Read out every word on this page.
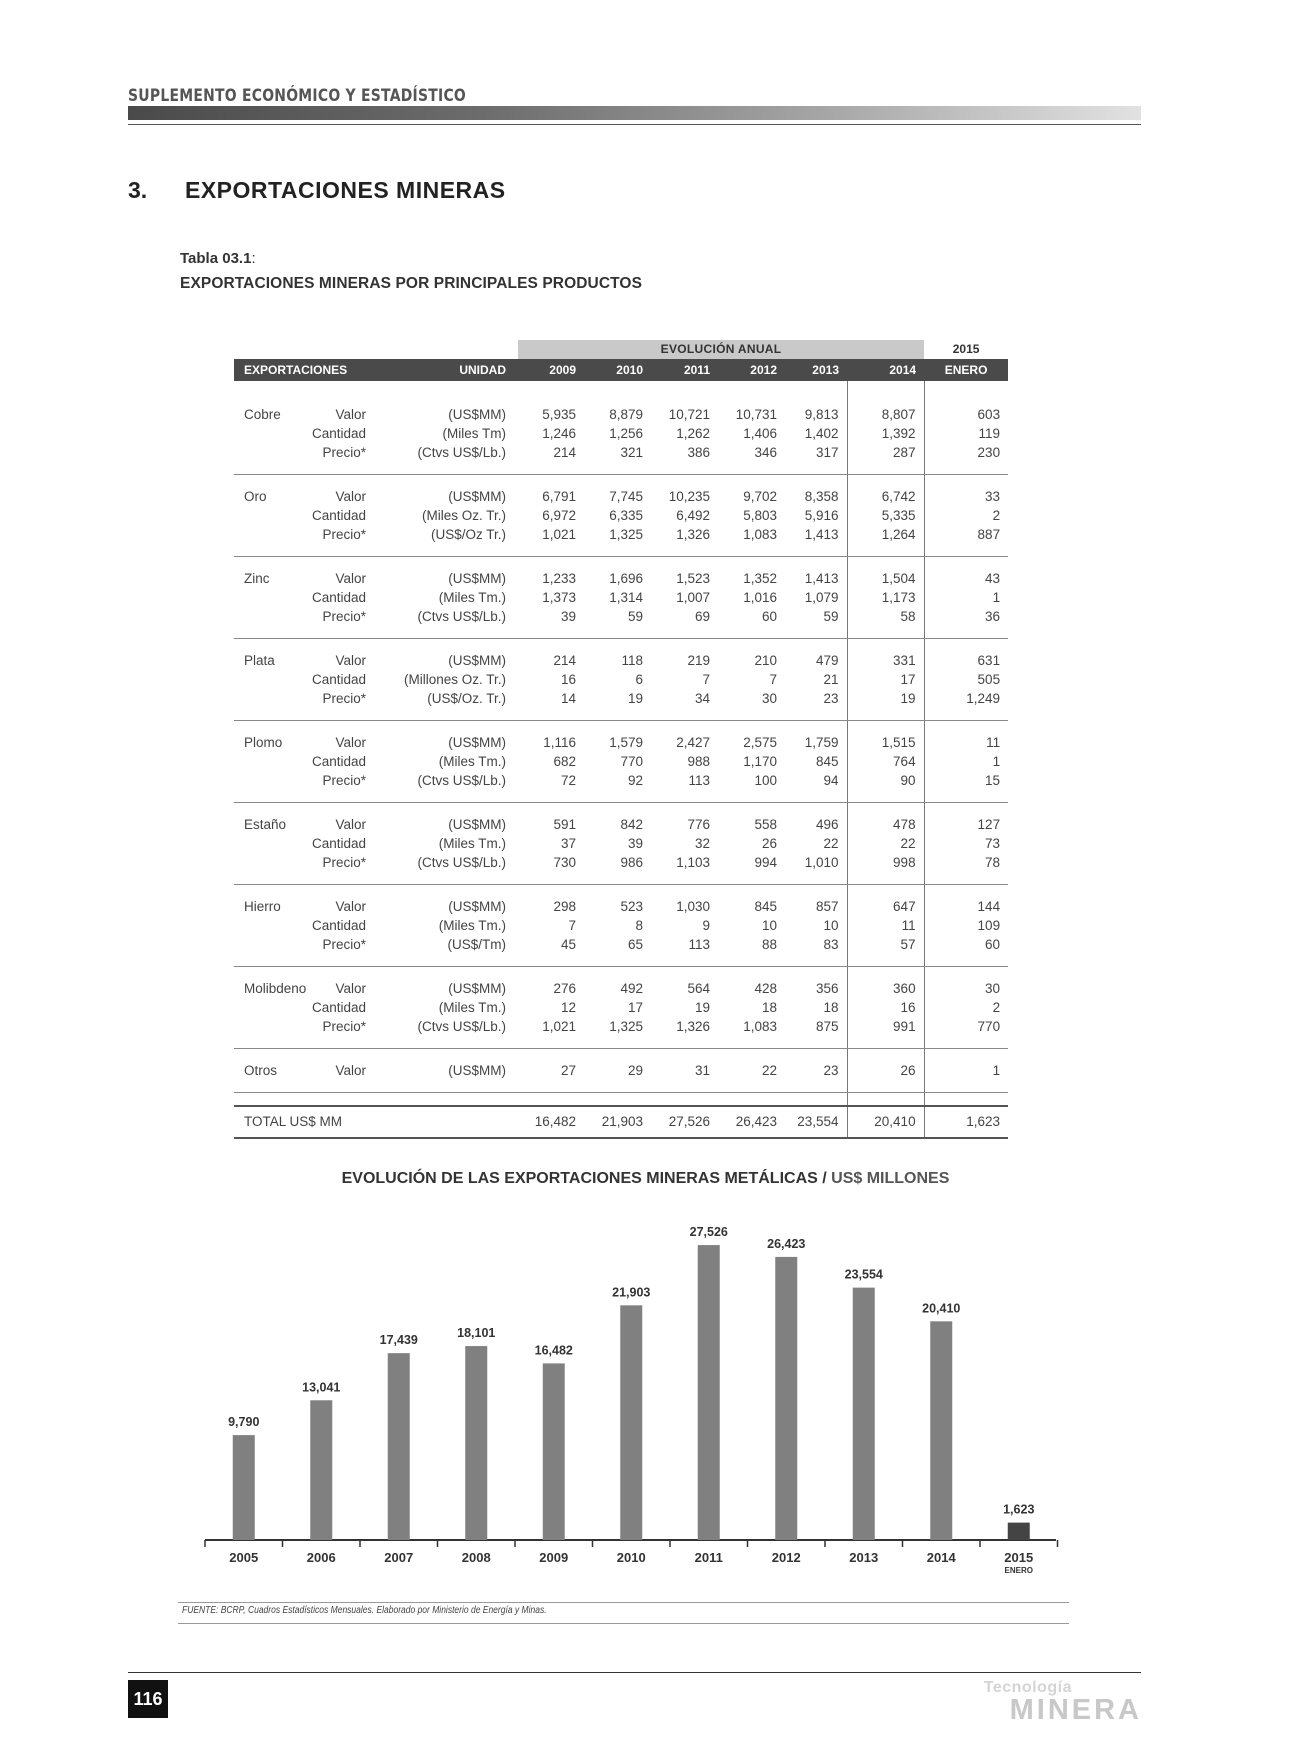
SUPLEMENTO ECONÓMICO Y ESTADÍSTICO
3. EXPORTACIONES MINERAS
Tabla 03.1:
EXPORTACIONES MINERAS POR PRINCIPALES PRODUCTOS
			EVOLUCIÓN ANUAL						2015
EXPORTACIONES		UNIDAD	2009	2010	2011	2012	2013	2014	ENERO

Cobre	Valor	(US$MM)	5,935	8,879	10,721	10,731	9,813	8,807	603
	Cantidad	(Miles Tm)	1,246	1,256	1,262	1,406	1,402	1,392	119
	Precio*	(Ctvs US$/Lb.)	214	321	386	346	317	287	230

Oro	Valor	(US$MM)	6,791	7,745	10,235	9,702	8,358	6,742	33
	Cantidad	(Miles Oz. Tr.)	6,972	6,335	6,492	5,803	5,916	5,335	2
	Precio*	(US$/Oz Tr.)	1,021	1,325	1,326	1,083	1,413	1,264	887

Zinc	Valor	(US$MM)	1,233	1,696	1,523	1,352	1,413	1,504	43
	Cantidad	(Miles Tm.)	1,373	1,314	1,007	1,016	1,079	1,173	1
	Precio*	(Ctvs US$/Lb.)	39	59	69	60	59	58	36

Plata	Valor	(US$MM)	214	118	219	210	479	331	631
	Cantidad	(Millones Oz. Tr.)	16	6	7	7	21	17	505
	Precio*	(US$/Oz. Tr.)	14	19	34	30	23	19	1,249

Plomo	Valor	(US$MM)	1,116	1,579	2,427	2,575	1,759	1,515	11
	Cantidad	(Miles Tm.)	682	770	988	1,170	845	764	1
	Precio*	(Ctvs US$/Lb.)	72	92	113	100	94	90	15

Estaño	Valor	(US$MM)	591	842	776	558	496	478	127
	Cantidad	(Miles Tm.)	37	39	32	26	22	22	73
	Precio*	(Ctvs US$/Lb.)	730	986	1,103	994	1,010	998	78

Hierro	Valor	(US$MM)	298	523	1,030	845	857	647	144
	Cantidad	(Miles Tm.)	7	8	9	10	10	11	109
	Precio*	(US$/Tm)	45	65	113	88	83	57	60

Molibdeno	Valor	(US$MM)	276	492	564	428	356	360	30
	Cantidad	(Miles Tm.)	12	17	19	18	18	16	2
	Precio*	(Ctvs US$/Lb.)	1,021	1,325	1,326	1,083	875	991	770

Otros	Valor	(US$MM)	27	29	31	22	23	26	1

TOTAL US$ MM			16,482	21,903	27,526	26,423	23,554	20,410	1,623
EVOLUCIÓN DE LAS EXPORTACIONES MINERAS METÁLICAS / US$ MILLONES
9,790
2005
13,041
2006
17,439
2007
18,101
2008
16,482
2009
21,903
2010
27,526
2011
26,423
2012
23,554
2013
20,410
2014
1,623
2015
ENERO
FUENTE: BCRP, Cuadros Estadísticos Mensuales. Elaborado por Ministerio de Energía y Minas.
116
Tecnología
MINERA
